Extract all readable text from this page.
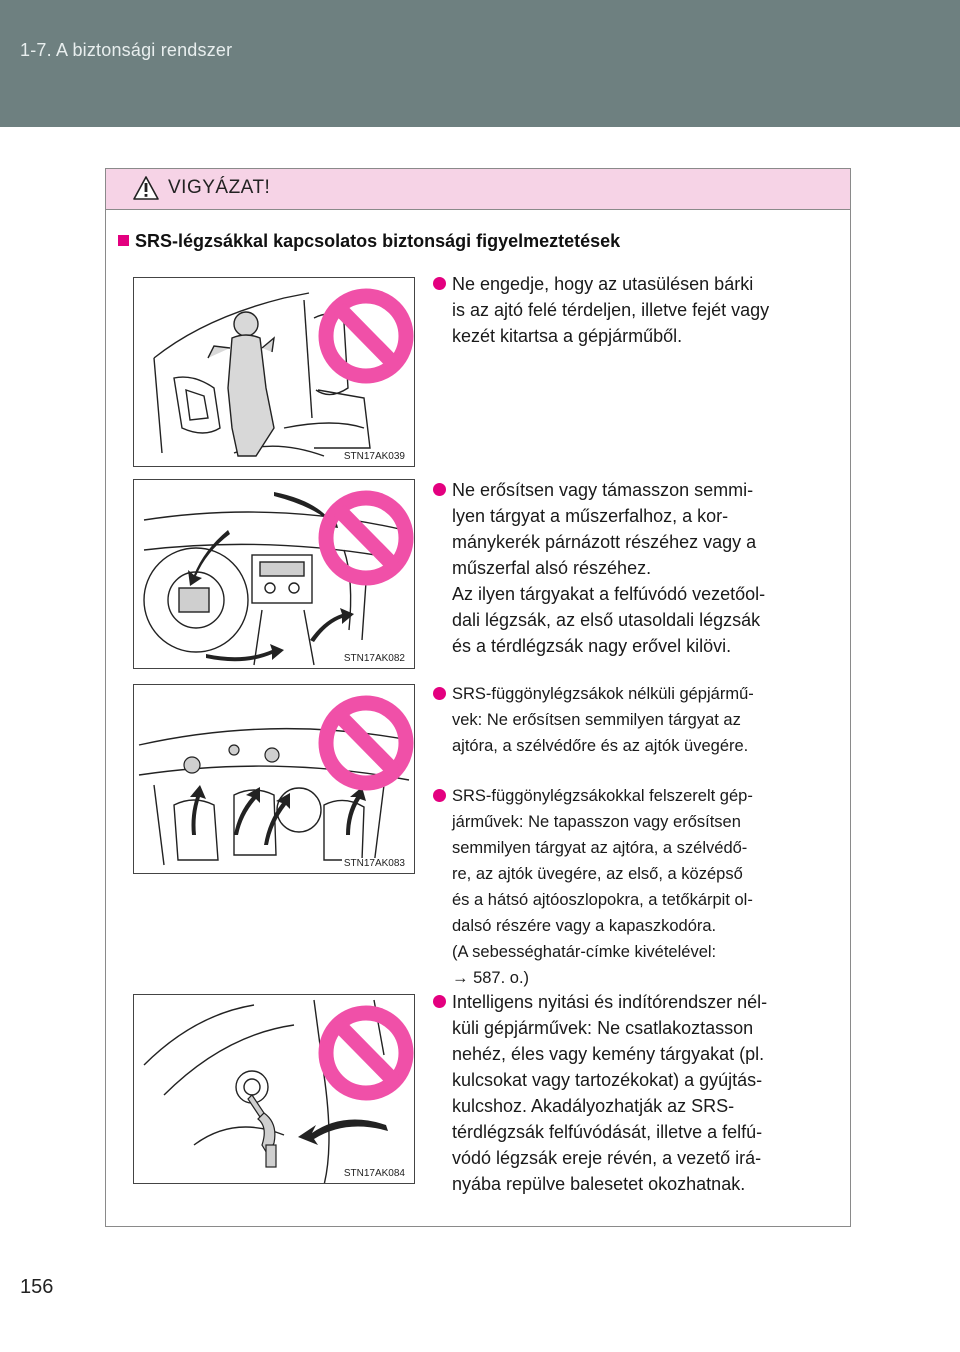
1-7. A biztonsági rendszer
VIGYÁZAT!
SRS-légzsákkal kapcsolatos biztonsági figyelmeztetések
STN17AK039
STN17AK082
STN17AK083
STN17AK084
Ne engedje, hogy az utasülésen bárki
is az ajtó felé térdeljen, illetve fejét vagy
kezét kitartsa a gépjárműből.
Ne erősítsen vagy támasszon semmi-
lyen tárgyat a műszerfalhoz, a kor-
mánykerék párnázott részéhez vagy a
műszerfal alsó részéhez.
Az ilyen tárgyakat a felfúvódó vezetőol-
dali légzsák, az első utasoldali légzsák
és a térdlégzsák nagy erővel kilövi.
SRS-függönylégzsákok nélküli gépjármű-
vek: Ne erősítsen semmilyen tárgyat az
ajtóra, a szélvédőre és az ajtók üvegére.
SRS-függönylégzsákokkal felszerelt gép-
járművek: Ne tapasszon vagy erősítsen
semmilyen tárgyat az ajtóra, a szélvédő-
re, az ajtók üvegére, az első, a középső
és a hátsó ajtóoszlopokra, a tetőkárpit ol-
dalsó részére vagy a kapaszkodóra.
(A sebességhatár-címke kivételével:
→ 587. o.)
Intelligens nyitási és indítórendszer nél-
küli gépjárművek: Ne csatlakoztasson
nehéz, éles vagy kemény tárgyakat (pl.
kulcsokat vagy tartozékokat) a gyújtás-
kulcshoz. Akadályozhatják az SRS-
térdlégzsák felfúvódását, illetve a felfú-
vódó légzsák ereje révén, a vezető irá-
nyába repülve balesetet okozhatnak.
156
